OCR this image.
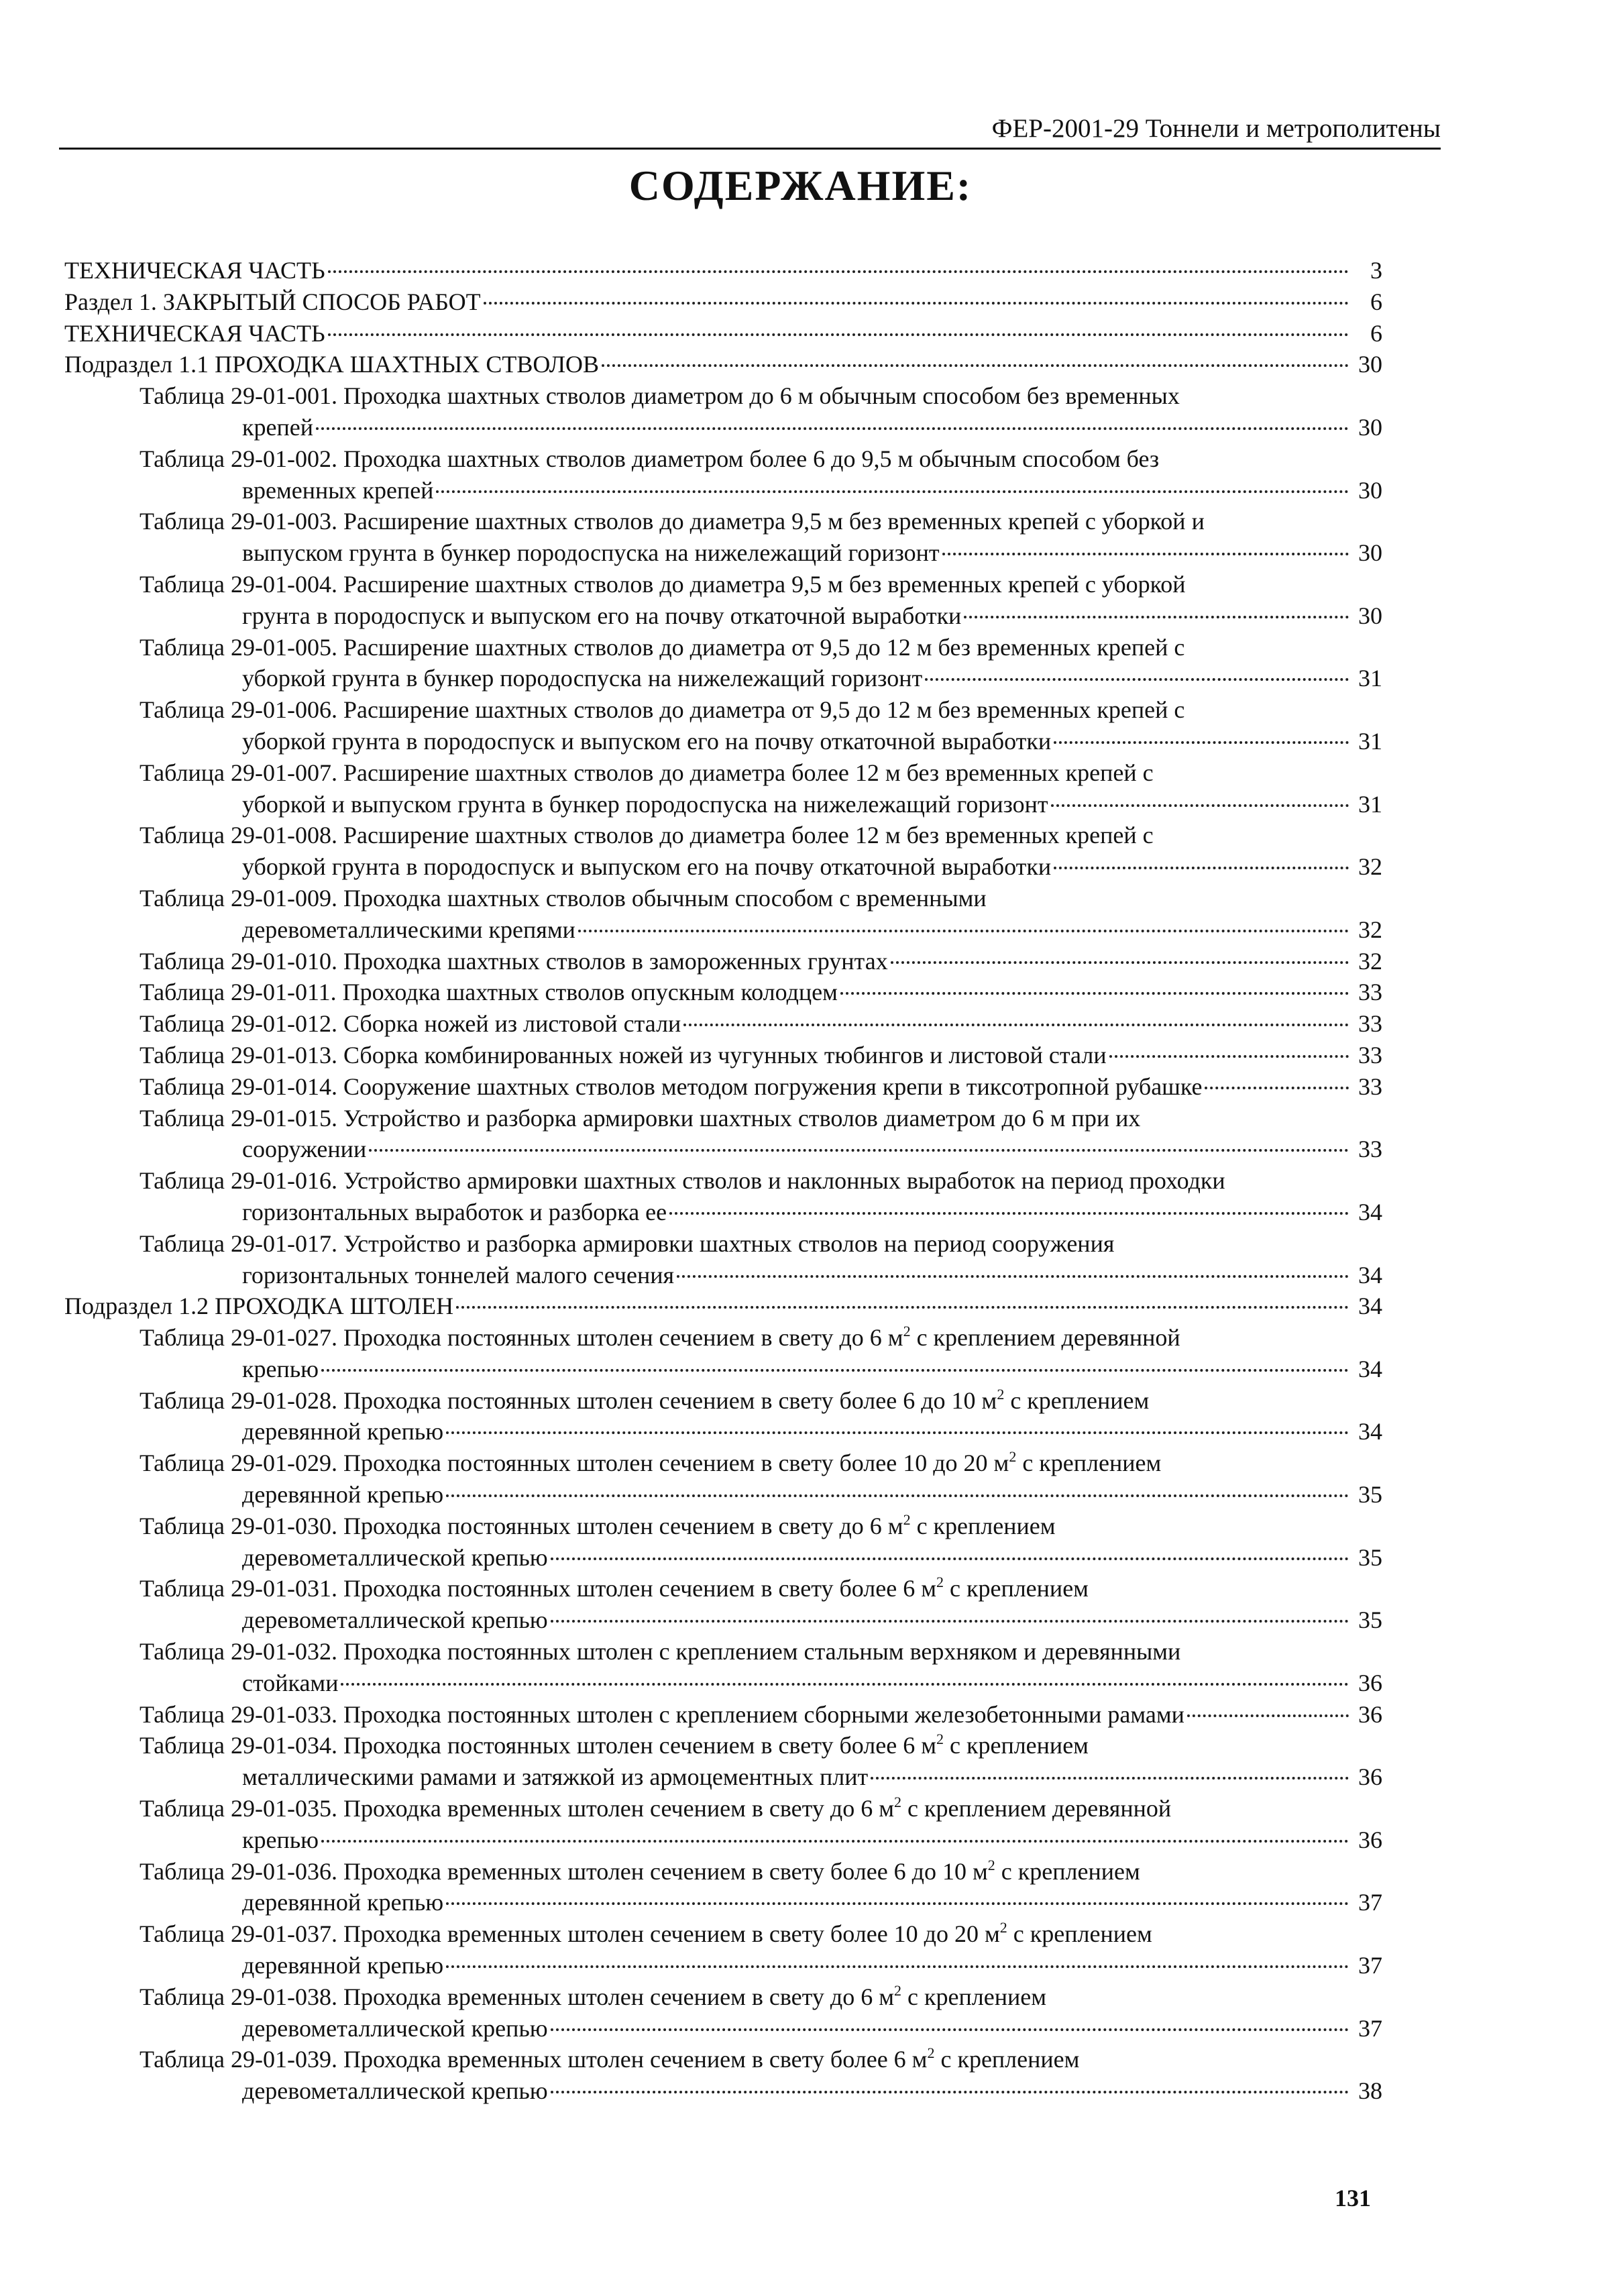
ФЕР-2001-29 Тоннели и метрополитены
СОДЕРЖАНИЕ:
ТЕХНИЧЕСКАЯ ЧАСТЬ	3
Раздел 1. ЗАКРЫТЫЙ СПОСОБ РАБОТ	6
ТЕХНИЧЕСКАЯ ЧАСТЬ	6
Подраздел 1.1 ПРОХОДКА ШАХТНЫХ СТВОЛОВ	30
Таблица 29-01-001. Проходка шахтных стволов диаметром до 6 м обычным способом без временных
крепей	30
Таблица 29-01-002. Проходка шахтных стволов диаметром более 6 до 9,5 м обычным способом без
временных крепей	30
Таблица 29-01-003. Расширение шахтных стволов до диаметра 9,5 м без временных крепей с уборкой и
выпуском грунта в бункер породоспуска на нижележащий горизонт	30
Таблица 29-01-004. Расширение шахтных стволов до диаметра 9,5 м без временных крепей с уборкой
грунта в породоспуск и выпуском его на почву откаточной выработки	30
Таблица 29-01-005. Расширение шахтных стволов до диаметра от 9,5 до 12 м без временных крепей с
уборкой грунта в бункер породоспуска на нижележащий горизонт	31
Таблица 29-01-006. Расширение шахтных стволов до диаметра от 9,5 до 12 м без временных крепей с
уборкой грунта в породоспуск и выпуском его на почву откаточной выработки	31
Таблица 29-01-007. Расширение шахтных стволов до диаметра более 12 м без временных крепей с
уборкой и выпуском грунта в бункер породоспуска на нижележащий горизонт	31
Таблица 29-01-008. Расширение шахтных стволов до диаметра более 12 м без временных крепей с
уборкой грунта в породоспуск и выпуском его на почву откаточной выработки	32
Таблица 29-01-009. Проходка шахтных стволов обычным способом с временными
деревометаллическими крепями	32
Таблица 29-01-010. Проходка шахтных стволов в замороженных грунтах	32
Таблица 29-01-011. Проходка шахтных стволов опускным колодцем	33
Таблица 29-01-012. Сборка ножей из листовой стали	33
Таблица 29-01-013. Сборка комбинированных ножей из чугунных тюбингов и листовой стали	33
Таблица 29-01-014. Сооружение шахтных стволов методом погружения крепи в тиксотропной рубашке	33
Таблица 29-01-015. Устройство и разборка армировки шахтных стволов диаметром до 6 м при их
сооружении	33
Таблица 29-01-016. Устройство армировки шахтных стволов и наклонных выработок на период проходки
горизонтальных выработок и разборка ее	34
Таблица 29-01-017. Устройство и разборка армировки шахтных стволов на период сооружения
горизонтальных тоннелей малого сечения	34
Подраздел 1.2 ПРОХОДКА ШТОЛЕН	34
Таблица 29-01-027. Проходка постоянных штолен сечением в свету до 6 $м^2$ с креплением деревянной
крепью	34
Таблица 29-01-028. Проходка постоянных штолен сечением в свету более 6 до 10 $м^2$ с креплением
деревянной крепью	34
Таблица 29-01-029. Проходка постоянных штолен сечением в свету более 10 до 20 $м^2$ с креплением
деревянной крепью	35
Таблица 29-01-030. Проходка постоянных штолен сечением в свету до 6 $м^2$ с креплением
деревометаллической крепью	35
Таблица 29-01-031. Проходка постоянных штолен сечением в свету более 6 $м^2$ с креплением
деревометаллической крепью	35
Таблица 29-01-032. Проходка постоянных штолен с креплением стальным верхняком и деревянными
стойками	36
Таблица 29-01-033. Проходка постоянных штолен с креплением сборными железобетонными рамами	36
Таблица 29-01-034. Проходка постоянных штолен сечением в свету более 6 $м^2$ с креплением
металлическими рамами и затяжкой из армоцементных плит	36
Таблица 29-01-035. Проходка временных штолен сечением в свету до 6 $м^2$ с креплением деревянной
крепью	36
Таблица 29-01-036. Проходка временных штолен сечением в свету более 6 до 10 $м^2$ с креплением
деревянной крепью	37
Таблица 29-01-037. Проходка временных штолен сечением в свету более 10 до 20 $м^2$ с креплением
деревянной крепью	37
Таблица 29-01-038. Проходка временных штолен сечением в свету до 6 $м^2$ с креплением
деревометаллической крепью	37
Таблица 29-01-039. Проходка временных штолен сечением в свету более 6 $м^2$ с креплением
деревометаллической крепью	38
131
